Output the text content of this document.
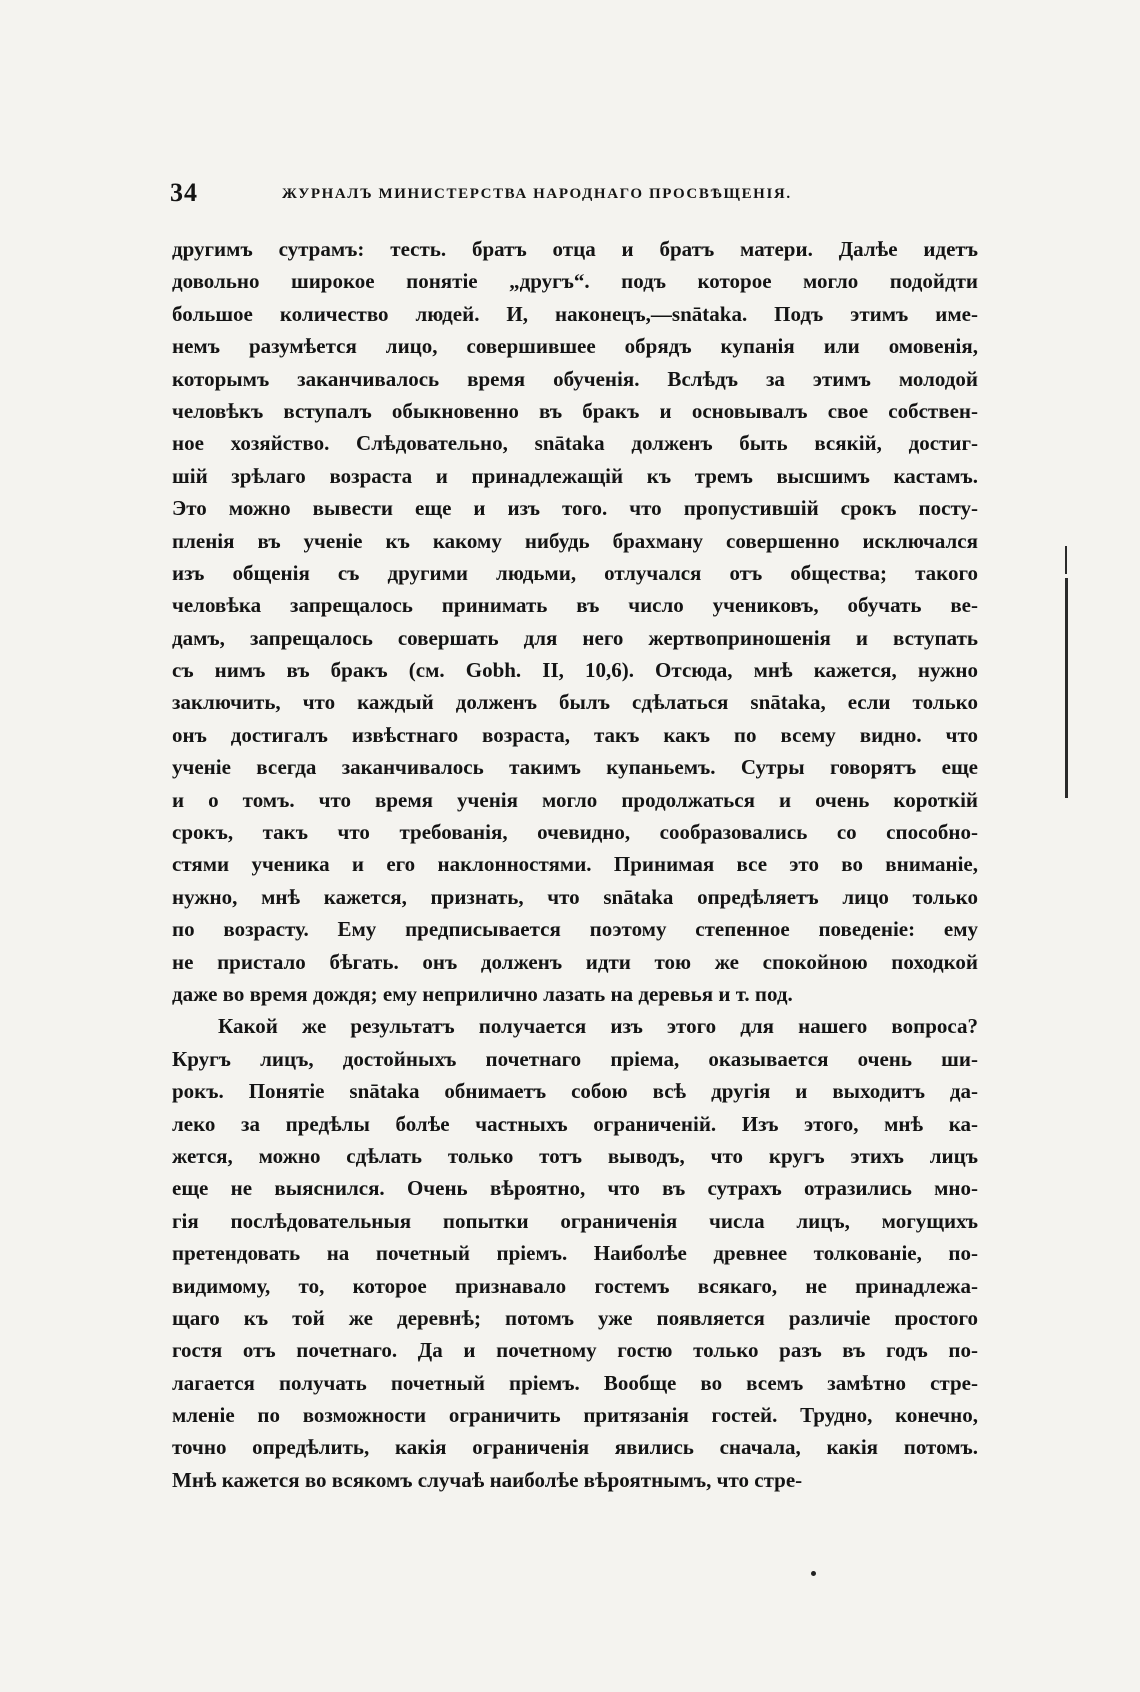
34	ЖУРНАЛЪ МИНИСТЕРСТВА НАРОДНАГО ПРОСВѢЩЕНІЯ.
другимъ сутрамъ: тесть. братъ отца и братъ матери. Далѣе идетъ
довольно широкое понятіе „другъ“. подъ которое могло подойдти
большое количество людей. И, наконецъ,—snātaka. Подъ этимъ име-
немъ разумѣется лицо, совершившее обрядъ купанія или омовенія,
которымъ заканчивалось время обученія. Вслѣдъ за этимъ молодой
человѣкъ вступалъ обыкновенно въ бракъ и основывалъ свое собствен-
ное хозяйство. Слѣдовательно, snātaka долженъ быть всякій, достиг-
шій зрѣлаго возраста и принадлежащій къ тремъ высшимъ кастамъ.
Это можно вывести еще и изъ того. что пропустившій срокъ посту-
пленія въ ученіе къ какому нибудь брахману совершенно исключался
изъ общенія съ другими людьми, отлучался отъ общества; такого
человѣка запрещалось принимать въ число учениковъ, обучать ве-
дамъ, запрещалось совершать для него жертвоприношенія и вступать
съ нимъ въ бракъ (см. Gobh. II, 10,6). Отсюда, мнѣ кажется, нужно
заключить, что каждый долженъ былъ сдѣлаться snātaka, если только
онъ достигалъ извѣстнаго возраста, такъ какъ по всему видно. что
ученіе всегда заканчивалось такимъ купаньемъ. Сутры говорятъ еще
и о томъ. что время ученія могло продолжаться и очень короткій
срокъ, такъ что требованія, очевидно, сообразовались со способно-
стями ученика и его наклонностями. Принимая все это во вниманіе,
нужно, мнѣ кажется, признать, что snātaka опредѣляетъ лицо только
по возрасту. Ему предписывается поэтому степенное поведеніе: ему
не пристало бѣгать. онъ долженъ идти тою же спокойною походкой
даже во время дождя; ему неприлично лазать на деревья и т. под.
Какой же результатъ получается изъ этого для нашего вопроса?
Кругъ лицъ, достойныхъ почетнаго пріема, оказывается очень ши-
рокъ. Понятіе snātaka обнимаетъ собою всѣ другія и выходитъ да-
леко за предѣлы болѣе частныхъ ограниченій. Изъ этого, мнѣ ка-
жется, можно сдѣлать только тотъ выводъ, что кругъ этихъ лицъ
еще не выяснился. Очень вѣроятно, что въ сутрахъ отразились мно-
гія послѣдовательныя попытки ограниченія числа лицъ, могущихъ
претендовать на почетный пріемъ. Наиболѣе древнее толкованіе, по-
видимому, то, которое признавало гостемъ всякаго, не принадлежа-
щаго къ той же деревнѣ; потомъ уже появляется различіе простого
гостя отъ почетнаго. Да и почетному гостю только разъ въ годъ по-
лагается получать почетный пріемъ. Вообще во всемъ замѣтно стре-
мленіе по возможности ограничить притязанія гостей. Трудно, конечно,
точно опредѣлить, какія ограниченія явились сначала, какія потомъ.
Мнѣ кажется во всякомъ случаѣ наиболѣе вѣроятнымъ, что стре-
